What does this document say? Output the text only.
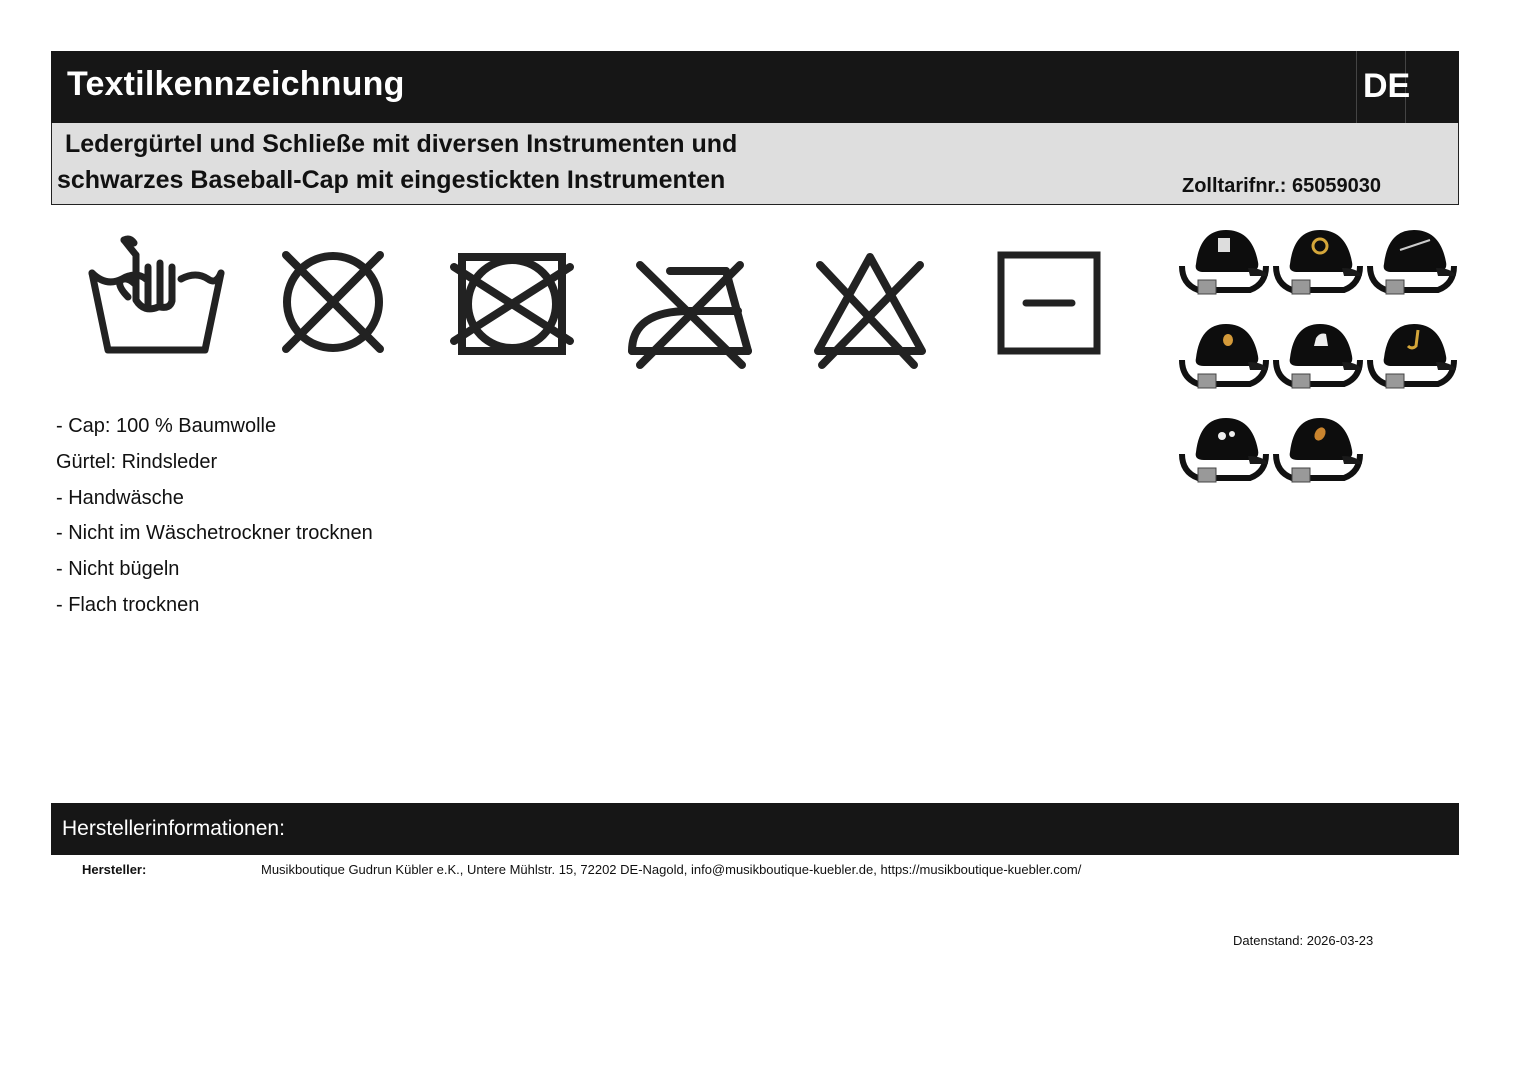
Textilkennzeichnung	DE
Ledergürtel und Schließe mit diversen Instrumenten und
schwarzes Baseball-Cap mit eingestickten Instrumenten	Zolltarifnr.: 65059030
- Cap: 100 % Baumwolle
Gürtel: Rindsleder
- Handwäsche
- Nicht im Wäschetrockner trocknen
- Nicht bügeln
- Flach trocknen
Herstellerinformationen:
Hersteller:	Musikboutique Gudrun Kübler e.K., Untere Mühlstr. 15, 72202 DE-Nagold, info@musikboutique-kuebler.de, https://musikboutique-kuebler.com/
Datenstand: 2026-03-23
